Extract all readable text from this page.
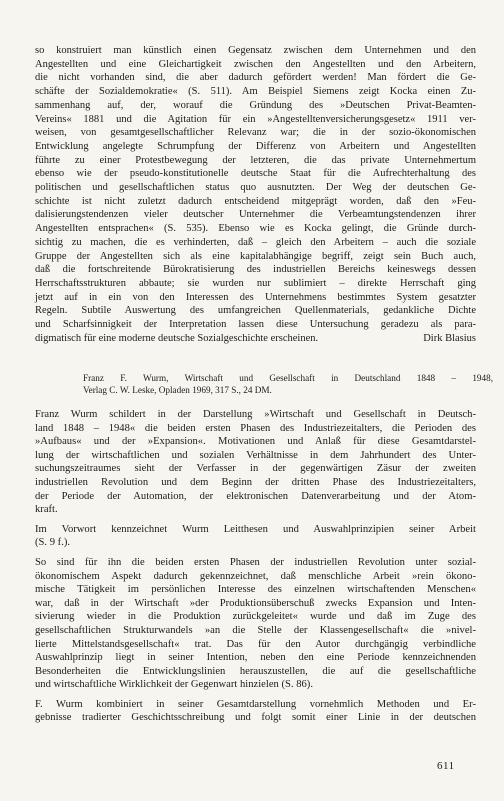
so konstruiert man künstlich einen Gegensatz zwischen dem Unternehmen und den
Angestellten und eine Gleichartigkeit zwischen den Angestellten und den Arbeitern,
die nicht vorhanden sind, die aber dadurch gefördert werden! Man fördert die Ge-
schäfte der Sozialdemokratie« (S. 511). Am Beispiel Siemens zeigt Kocka einen Zu-
sammenhang auf, der, worauf die Gründung des »Deutschen Privat-Beamten-
Vereins« 1881 und die Agitation für ein »Angestelltenversicherungsgesetz« 1911 ver-
weisen, von gesamtgesellschaftlicher Relevanz war; die in der sozio-ökonomischen
Entwicklung angelegte Schrumpfung der Differenz von Arbeitern und Angestellten
führte zu einer Protestbewegung der letzteren, die das private Unternehmertum
ebenso wie der pseudo-konstitutionelle deutsche Staat für die Aufrechterhaltung des
politischen und gesellschaftlichen status quo ausnutzten. Der Weg der deutschen Ge-
schichte ist nicht zuletzt dadurch entscheidend mitgeprägt worden, daß den »Feu-
dalisierungstendenzen vieler deutscher Unternehmer die Verbeamtungstendenzen ihrer
Angestellten entsprachen« (S. 535). Ebenso wie es Kocka gelingt, die Gründe durch-
sichtig zu machen, die es verhinderten, daß – gleich den Arbeitern – auch die soziale
Gruppe der Angestellten sich als eine kapitalabhängige begriff, zeigt sein Buch auch,
daß die fortschreitende Bürokratisierung des industriellen Bereichs keineswegs dessen
Herrschaftsstrukturen abbaute; sie wurden nur sublimiert – direkte Herrschaft ging
jetzt auf in ein von den Interessen des Unternehmens bestimmtes System gesatzter
Regeln. Subtile Auswertung des umfangreichen Quellenmaterials, gedankliche Dichte
und Scharfsinnigkeit der Interpretation lassen diese Untersuchung geradezu als para-

digmatisch für eine moderne deutsche Sozialgeschichte erscheinen.	Dirk Blasius

Franz F. Wurm, Wirtschaft und Gesellschaft in Deutschland 1848 – 1948,
Verlag C. W. Leske, Opladen 1969, 317 S., 24 DM.

Franz Wurm schildert in der Darstellung »Wirtschaft und Gesellschaft in Deutsch-
land 1848 – 1948« die beiden ersten Phasen des Industriezeitalters, die Perioden des
»Aufbaus« und der »Expansion«. Motivationen und Anlaß für diese Gesamtdarstel-
lung der wirtschaftlichen und sozialen Verhältnisse in dem Jahrhundert des Unter-
suchungszeitraumes sieht der Verfasser in der gegenwärtigen Zäsur der zweiten
industriellen Revolution und dem Beginn der dritten Phase des Industriezeitalters,
der Periode der Automation, der elektronischen Datenverarbeitung und der Atom-
kraft.

Im Vorwort kennzeichnet Wurm Leitthesen und Auswahlprinzipien seiner Arbeit
(S. 9 f.).

So sind für ihn die beiden ersten Phasen der industriellen Revolution unter sozial-
ökonomischem Aspekt dadurch gekennzeichnet, daß menschliche Arbeit »rein ökono-
mische Tätigkeit im persönlichen Interesse des einzelnen wirtschaftenden Menschen«
war, daß in der Wirtschaft »der Produktionsüberschuß zwecks Expansion und Inten-
sivierung wieder in die Produktion zurückgeleitet« wurde und daß im Zuge des
gesellschaftlichen Strukturwandels »an die Stelle der Klassengesellschaft« die »nivel-
lierte Mittelstandsgesellschaft« trat. Das für den Autor durchgängig verbindliche
Auswahlprinzip liegt in seiner Intention, neben den eine Periode kennzeichnenden
Besonderheiten die Entwicklungslinien herauszustellen, die auf die gesellschaftliche
und wirtschaftliche Wirklichkeit der Gegenwart hinzielen (S. 86).

F. Wurm kombiniert in seiner Gesamtdarstellung vornehmlich Methoden und Er-
gebnisse tradierter Geschichtsschreibung und folgt somit einer Linie in der deutschen

611
